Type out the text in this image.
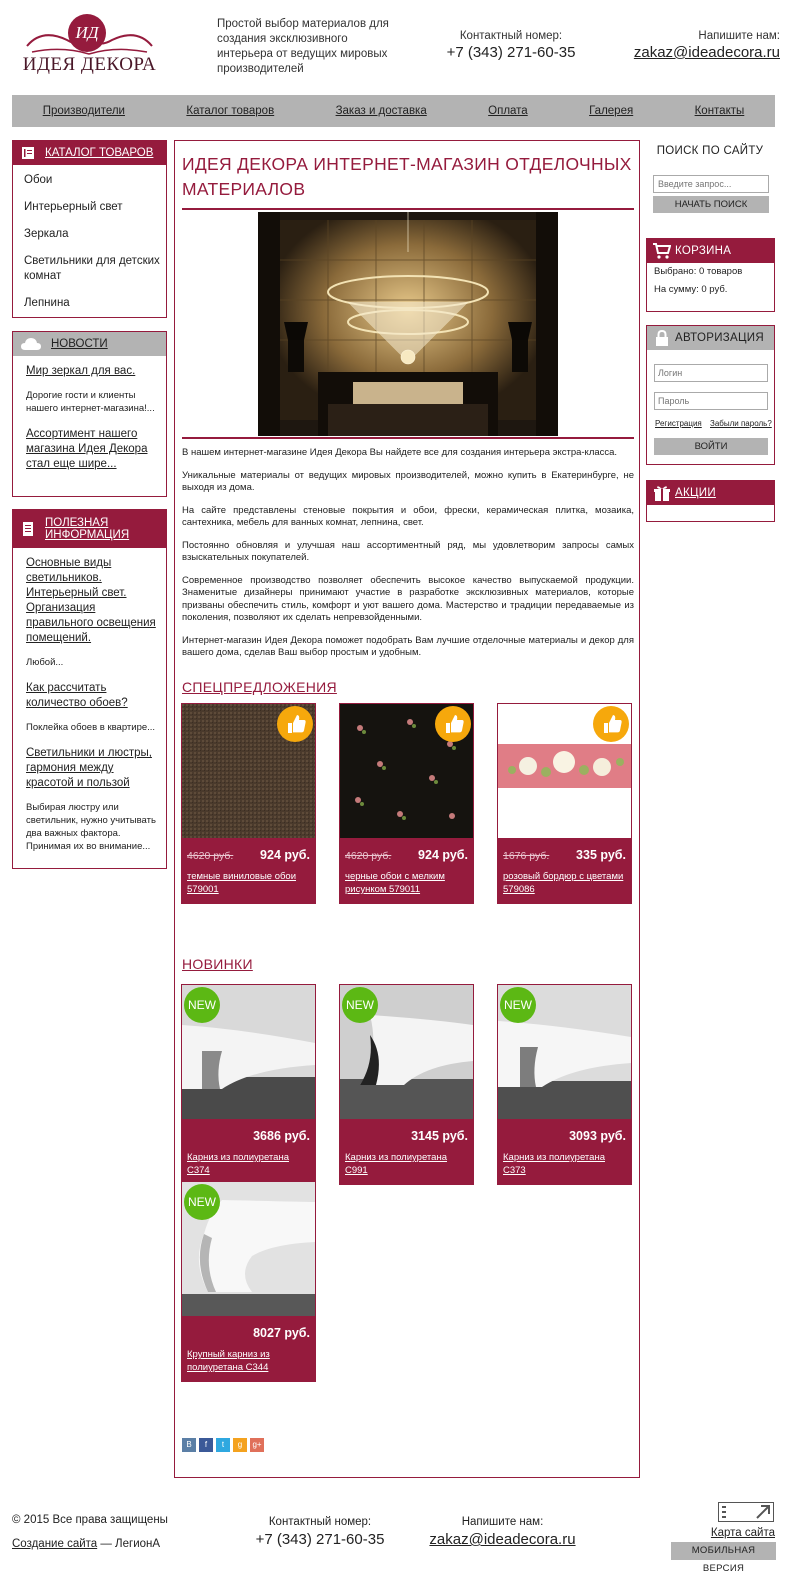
ИД
ИДЕЯ ДЕКОРА
Простой выбор материалов для создания эксклюзивного интерьера от ведущих мировых производителей
Контактный номер:
+7 (343) 271-60-35
Напишите нам:
zakaz@ideadecora.ru
Производители	Каталог товаров	Заказ и доставка	Оплата	Галерея	Контакты
КАТАЛОГ ТОВАРОВ
Обои
Интерьерный свет
Зеркала
Светильники для детских комнат
Лепнина
НОВОСТИ
Мир зеркал для вас.
Дорогие гости и клиенты нашего интернет-магазина!...
Ассортимент нашего магазина Идея Декора стал еще шире...
ПОЛЕЗНАЯ ИНФОРМАЦИЯ
Основные виды светильников. Интерьерный свет. Организация правильного освещения помещений.
Любой...
Как рассчитать количество обоев?
Поклейка обоев в квартире...
Светильники и люстры, гармония между красотой и пользой
Выбирая люстру или светильник, нужно учитывать два важных фактора. Принимая их во внимание...
ИДЕЯ ДЕКОРА ИНТЕРНЕТ-МАГАЗИН ОТДЕЛОЧНЫХ МАТЕРИАЛОВ

В нашем интернет-магазине Идея Декора Вы найдете все для создания интерьера экстра-класса.

Уникальные материалы от ведущих мировых производителей, можно купить в Екатеринбурге, не выходя из дома.

На сайте представлены стеновые покрытия и обои, фрески, керамическая плитка, мозаика, сантехника, мебель для ванных комнат, лепнина, свет.

Постоянно обновляя и улучшая наш ассортиментный ряд, мы удовлетворим запросы самых взыскательных покупателей.

Современное производство позволяет обеспечить высокое качество выпускаемой продукции. Знаменитые дизайнеры принимают участие в разработке эксклюзивных материалов, которые призваны обеспечить стиль, комфорт и уют вашего дома. Мастерство и традиции передаваемые из поколения, позволяют их сделать непревзойденными.

Интернет-магазин Идея Декора поможет подобрать Вам лучшие отделочные материалы и декор для вашего дома, сделав Ваш выбор простым и удобным.

СПЕЦПРЕДЛОЖЕНИЯ
4620 руб. 924 руб.
темные виниловые обои 579001
4620 руб. 924 руб.
черные обои с мелким рисунком 579011
1676 руб. 335 руб.
розовый бордюр с цветами 579086
НОВИНКИ
NEW
3686 руб.
Карниз из полиуретана C374
NEW
3145 руб.
Карниз из полиуретана C991
NEW
3093 руб.
Карниз из полиуретана C373
NEW
8027 руб.
Крупный карниз из полиуретана C344
В	f	t	g	g+
ПОИСК ПО САЙТУ
Введите запрос...
НАЧАТЬ ПОИСК
КОРЗИНА
Выбрано: 0 товаров
На сумму: 0 руб.
АВТОРИЗАЦИЯ
Логин
Регистрация Забыли пароль?
ВОЙТИ
АКЦИИ
© 2015 Все права защищены
Создание сайта — ЛегионА
Контактный номер:
+7 (343) 271-60-35
Напишите нам:
zakaz@ideadecora.ru	Карта сайта
МОБИЛЬНАЯ ВЕРСИЯ
